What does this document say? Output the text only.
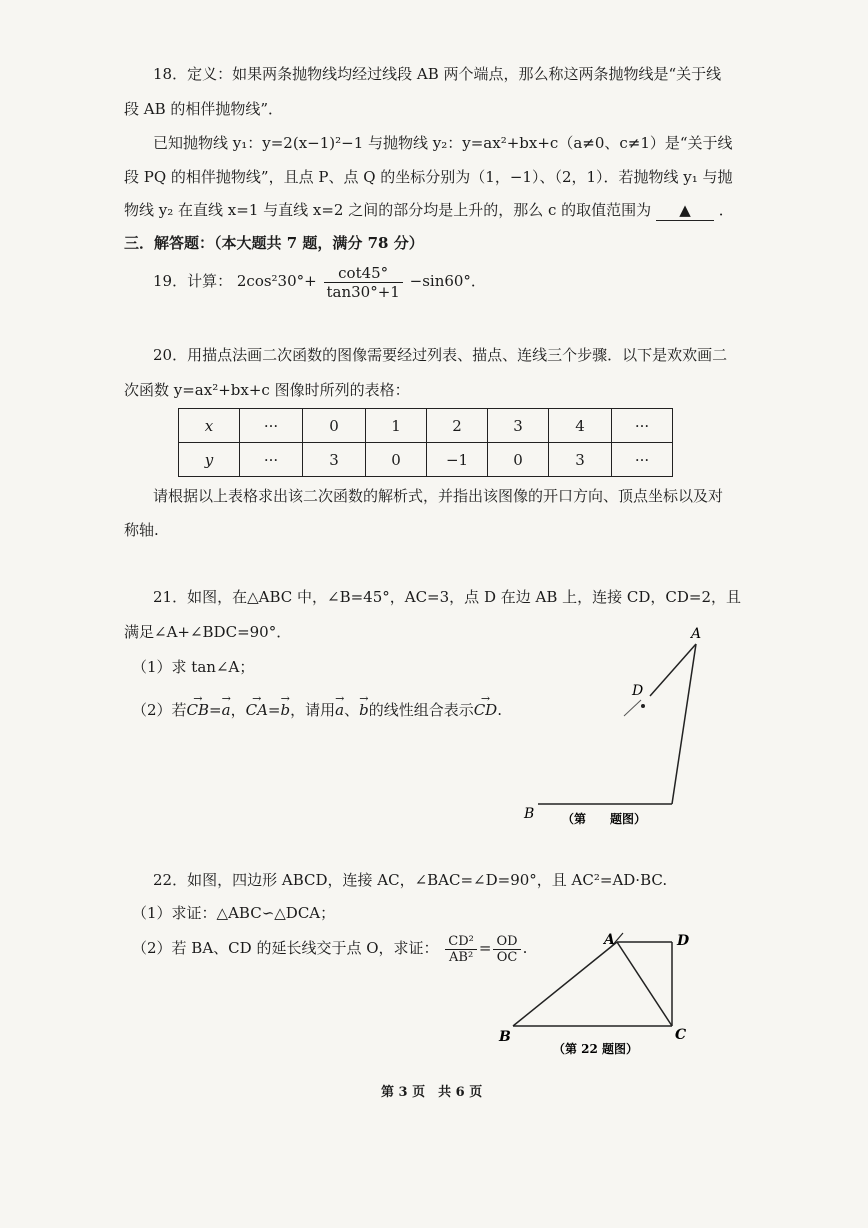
18．定义：如果两条抛物线均经过线段 AB 两个端点，那么称这两条抛物线是“关于线
段 AB 的相伴抛物线”．
已知抛物线 y₁：y=2(x−1)²−1 与抛物线 y₂：y=ax²+bx+c（a≠0、c≠1）是“关于线
段 PQ 的相伴抛物线”，且点 P、点 Q 的坐标分别为（1，−1）、（2，1）．若抛物线 y₁ 与抛
物线 y₂ 在直线 x=1 与直线 x=2 之间的部分均是上升的，那么 c 的取值范围为 ▲ ．
三．解答题：（本大题共 7 题，满分 78 分）
19．计算： $2\cos^230^\circ+ \frac{\cot 45^\circ}{\tan 30^\circ+1} -\sin 60^\circ$．
20．用描点法画二次函数的图像需要经过列表、描点、连线三个步骤．以下是欢欢画二
次函数 y=ax²+bx+c 图像时所列的表格：
x	···	0	1	2	3	4	···
y	···	3	0	−1	0	3	···
请根据以上表格求出该二次函数的解析式，并指出该图像的开口方向、顶点坐标以及对
称轴.
21．如图，在△ABC 中，∠B=45°，AC=3，点 D 在边 AB 上，连接 CD，CD=2，且
满足∠A+∠BDC=90°．
（1）求 tan∠A；
（2）若→ CB=→ a，→ CA=→ b，请用→ a、→ b的线性组合表示→ CD.
A
D
B （第　　题图）
22．如图，四边形 ABCD，连接 AC，∠BAC=∠D=90°，且 AC²=AD·BC.
（1）求证：△ABC∽△DCA；
（2）若 BA、CD 的延长线交于点 O，求证： $\frac{\text{CD²}}{\text{AB²}} = \frac{OD}{OC}$ .	A	D
B	C
（第 22 题图）
第 3 页　共 6 页
